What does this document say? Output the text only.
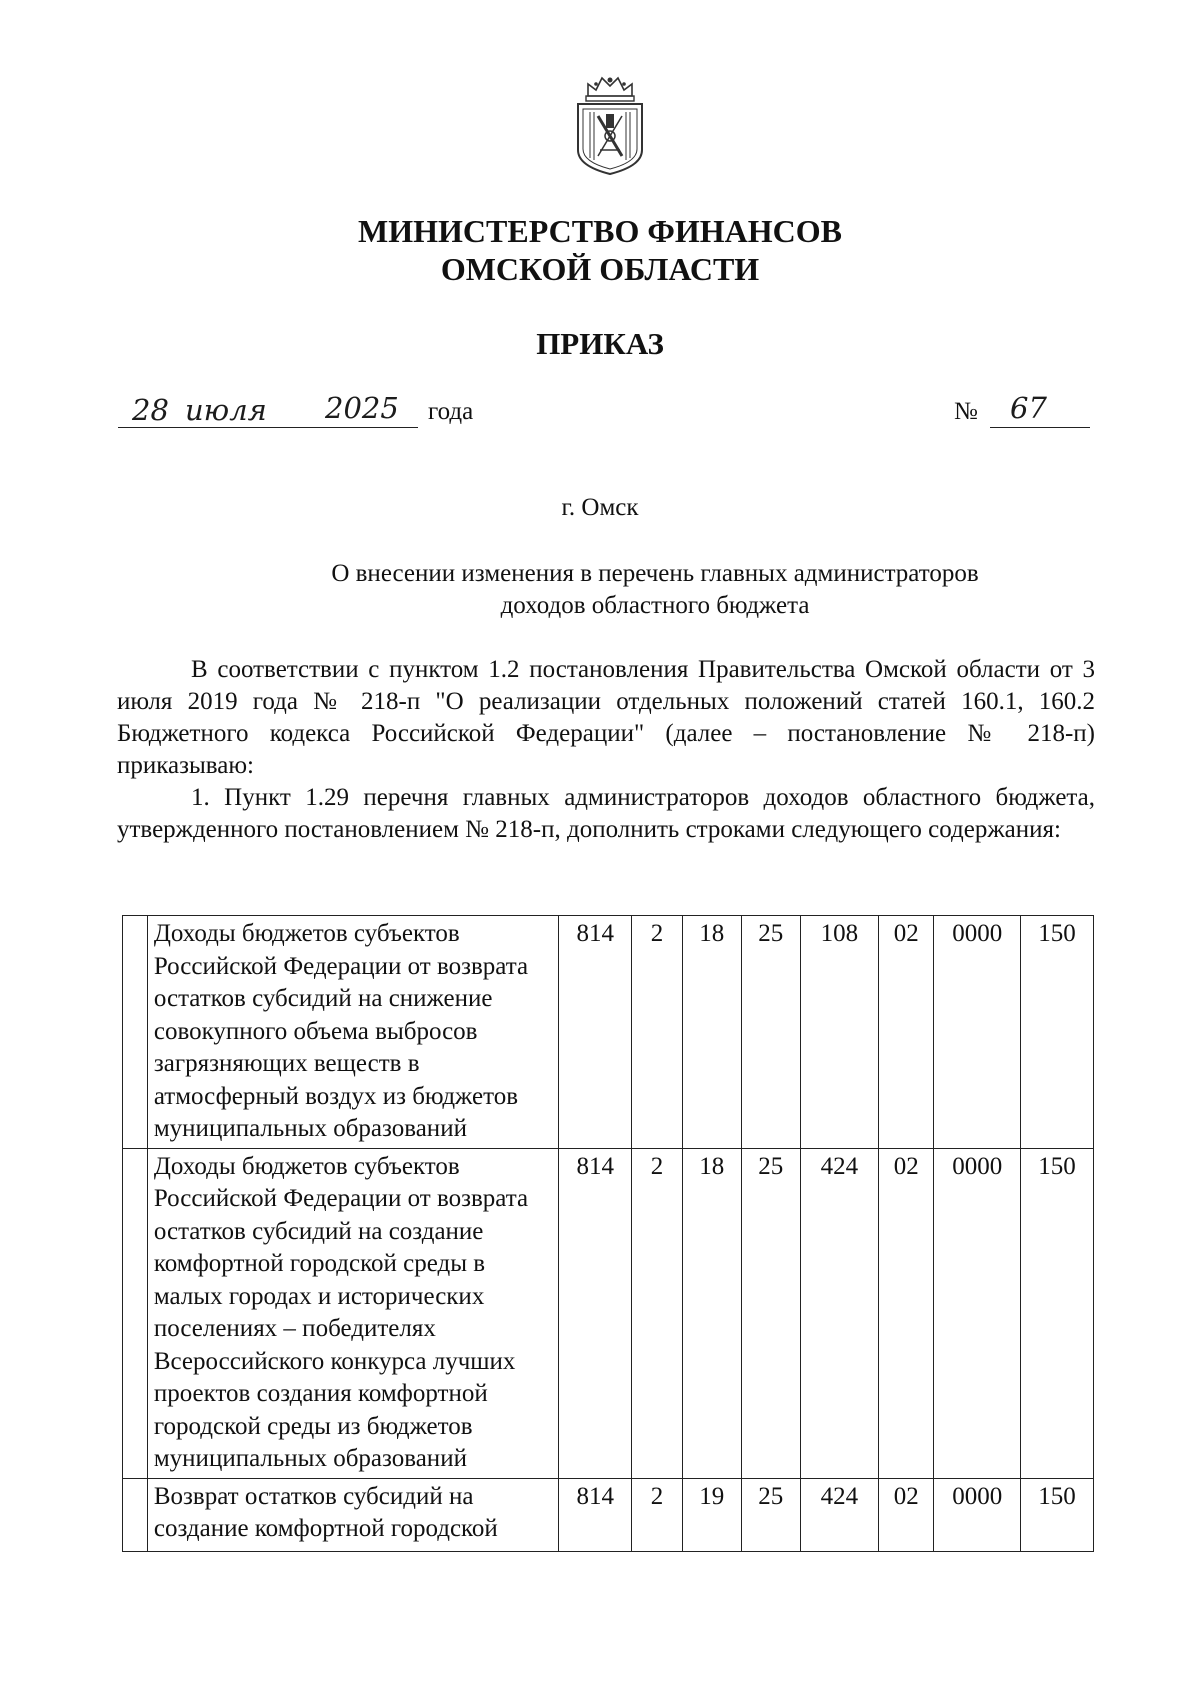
МИНИСТЕРСТВО ФИНАНСОВ
ОМСКОЙ ОБЛАСТИ
ПРИКАЗ
28 июля 2025 года	№ 67
г. Омск
О внесении изменения в перечень главных администраторов
доходов областного бюджета
В соответствии с пунктом 1.2 постановления Правительства Омской области от 3 июля 2019 года № 218-п "О реализации отдельных положений статей 160.1, 160.2 Бюджетного кодекса Российской Федерации" (далее – постановление № 218-п) приказываю:
1. Пункт 1.29 перечня главных администраторов доходов областного бюджета, утвержденного постановлением № 218-п, дополнить строками следующего содержания:
	Доходы бюджетов субъектов Российской Федерации от возврата остатков субсидий на снижение совокупного объема выбросов загрязняющих веществ в атмосферный воздух из бюджетов муниципальных образований	814	2	18	25	108	02	0000	150
	Доходы бюджетов субъектов Российской Федерации от возврата остатков субсидий на создание комфортной городской среды в малых городах и исторических поселениях – победителях Всероссийского конкурса лучших проектов создания комфортной городской среды из бюджетов муниципальных образований	814	2	18	25	424	02	0000	150
	Возврат остатков субсидий на создание комфортной городской	814	2	19	25	424	02	0000	150
